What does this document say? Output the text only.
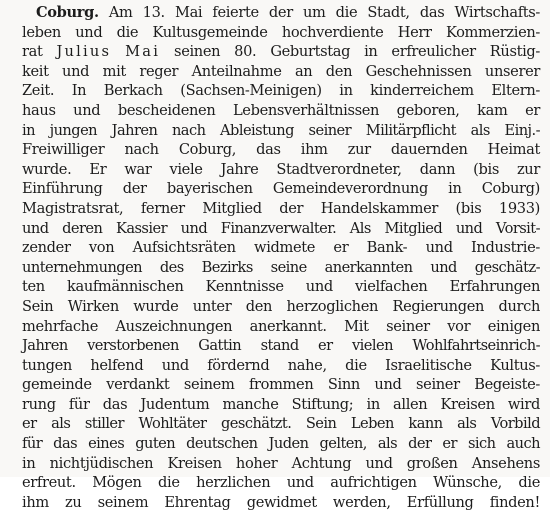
Coburg. Am 13. Mai feierte der um die Stadt, das Wirtschafts-
leben und die Kultusgemeinde hochverdiente Herr Kommerzien-
rat Julius Mai seinen 80. Geburtstag in erfreulicher Rüstig-
keit und mit reger Anteilnahme an den Geschehnissen unserer
Zeit. In Berkach (Sachsen-Meinigen) in kinderreichem Eltern-
haus und bescheidenen Lebensverhältnissen geboren, kam er
in jungen Jahren nach Ableistung seiner Militärpflicht als Einj.-
Freiwilliger nach Coburg, das ihm zur dauernden Heimat
wurde. Er war viele Jahre Stadtverordneter, dann (bis zur
Einführung der bayerischen Gemeindeverordnung in Coburg)
Magistratsrat, ferner Mitglied der Handelskammer (bis 1933)
und deren Kassier und Finanzverwalter. Als Mitglied und Vorsit-
zender von Aufsichtsräten widmete er Bank- und Industrie-
unternehmungen des Bezirks seine anerkannten und geschätz-
ten kaufmännischen Kenntnisse und vielfachen Erfahrungen
Sein Wirken wurde unter den herzoglichen Regierungen durch
mehrfache Auszeichnungen anerkannt. Mit seiner vor einigen
Jahren verstorbenen Gattin stand er vielen Wohlfahrtseinrich-
tungen helfend und fördernd nahe, die Israelitische Kultus-
gemeinde verdankt seinem frommen Sinn und seiner Begeiste-
rung für das Judentum manche Stiftung; in allen Kreisen wird
er als stiller Wohltäter geschätzt. Sein Leben kann als Vorbild
für das eines guten deutschen Juden gelten, als der er sich auch
in nichtjüdischen Kreisen hoher Achtung und großen Ansehens
erfreut. Mögen die herzlichen und aufrichtigen Wünsche, die
ihm zu seinem Ehrentag gewidmet werden, Erfüllung finden!
